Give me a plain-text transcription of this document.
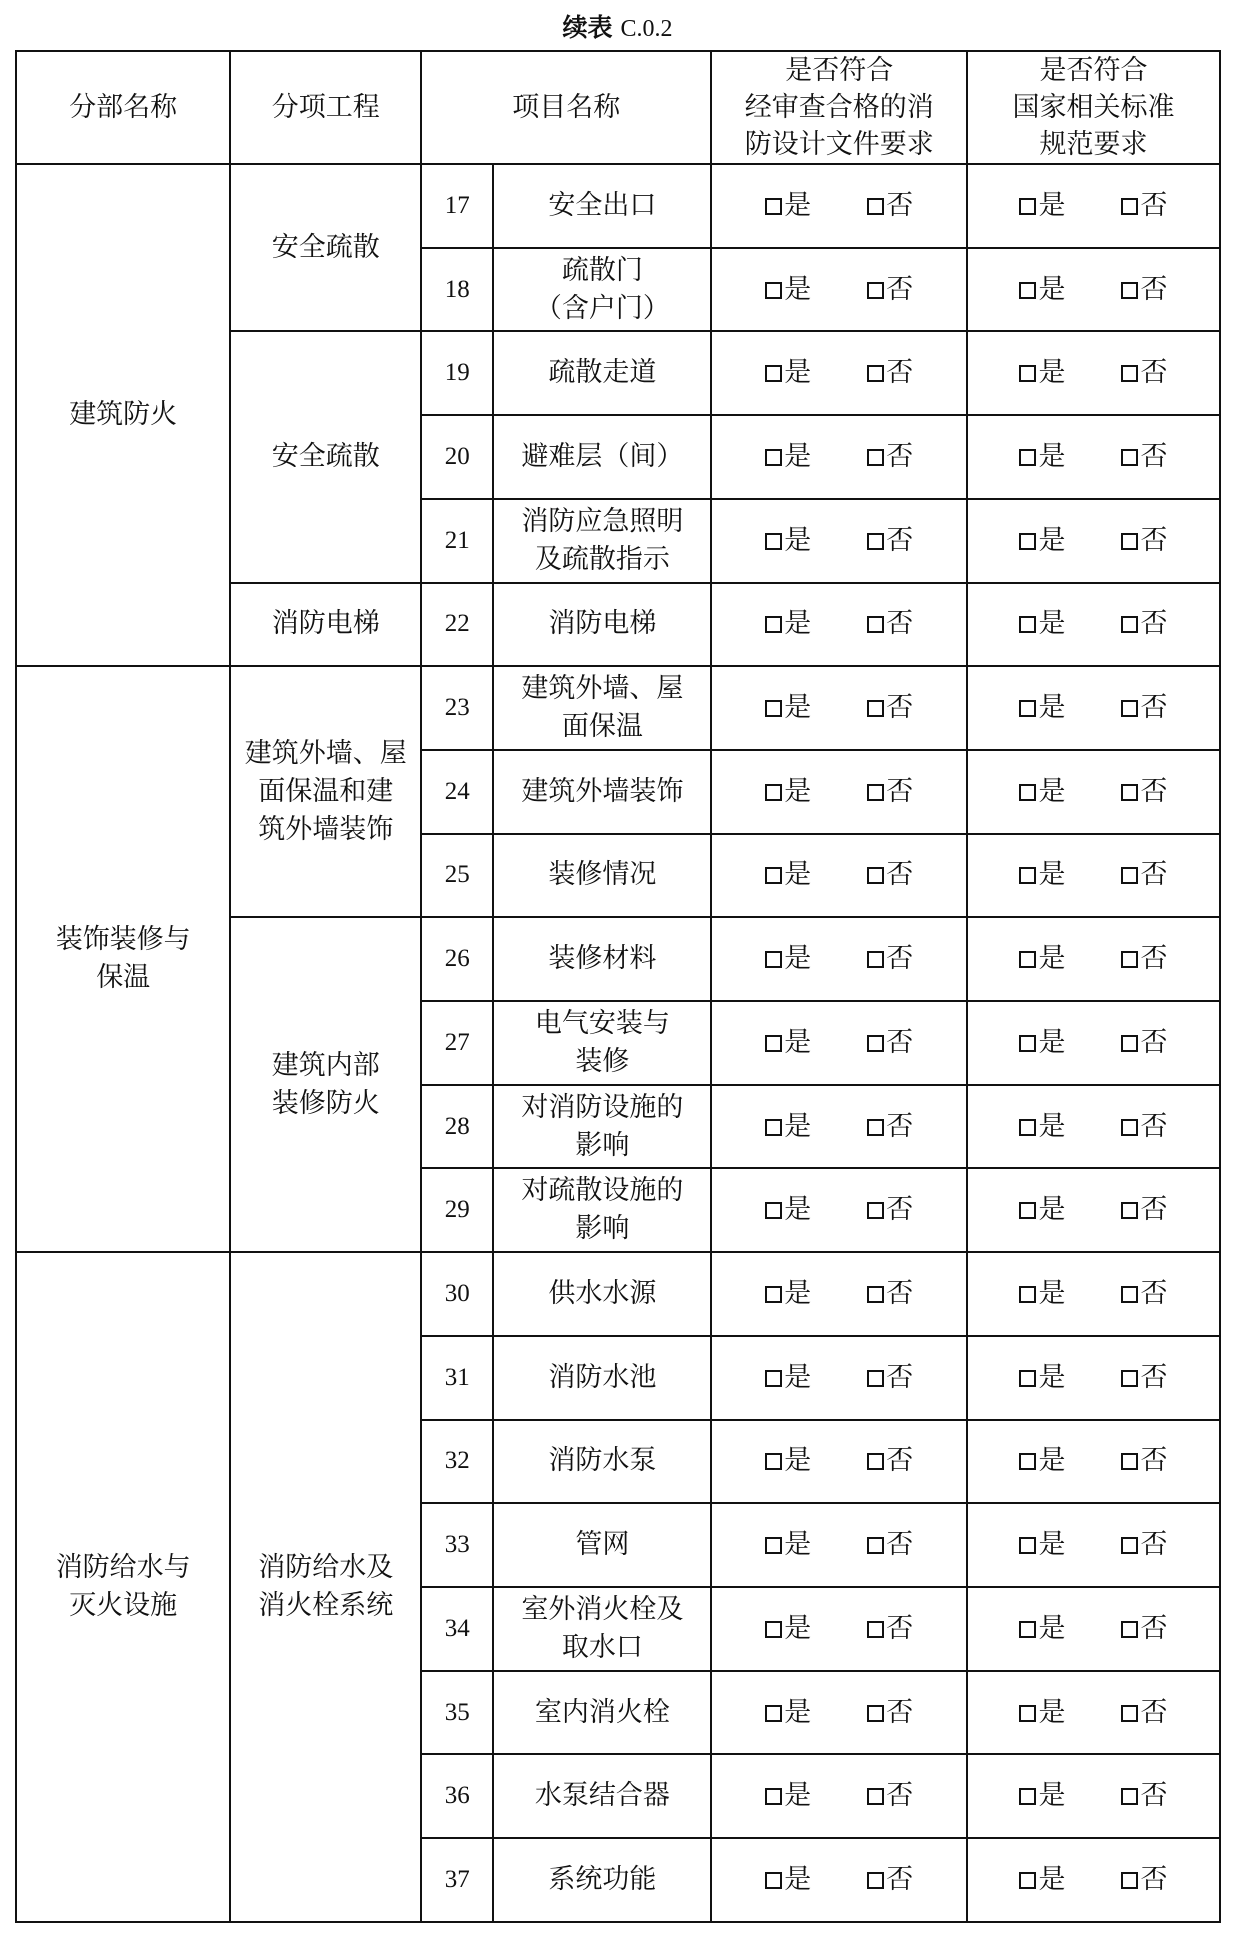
续表 C.0.2
分部名称	分项工程	项目名称		是否符合
经审查合格的消
防设计文件要求	是否符合
国家相关标准
规范要求
建筑防火	安全疏散	17	安全出口	是 否	是 否
		18	疏散门
（含户门）	是 否	是 否
	安全疏散	19	疏散走道	是 否	是 否
		20	避难层（间）	是 否	是 否
		21	消防应急照明
及疏散指示	是 否	是 否
	消防电梯	22	消防电梯	是 否	是 否
装饰装修与
保温	建筑外墙、屋
面保温和建
筑外墙装饰	23	建筑外墙、屋
面保温	是 否	是 否
		24	建筑外墙装饰	是 否	是 否
		25	装修情况	是 否	是 否
	建筑内部
装修防火	26	装修材料	是 否	是 否
		27	电气安装与
装修	是 否	是 否
		28	对消防设施的
影响	是 否	是 否
		29	对疏散设施的
影响	是 否	是 否
消防给水与
灭火设施	消防给水及
消火栓系统	30	供水水源	是 否	是 否
		31	消防水池	是 否	是 否
		32	消防水泵	是 否	是 否
		33	管网	是 否	是 否
		34	室外消火栓及
取水口	是 否	是 否
		35	室内消火栓	是 否	是 否
		36	水泵结合器	是 否	是 否
		37	系统功能	是 否	是 否
